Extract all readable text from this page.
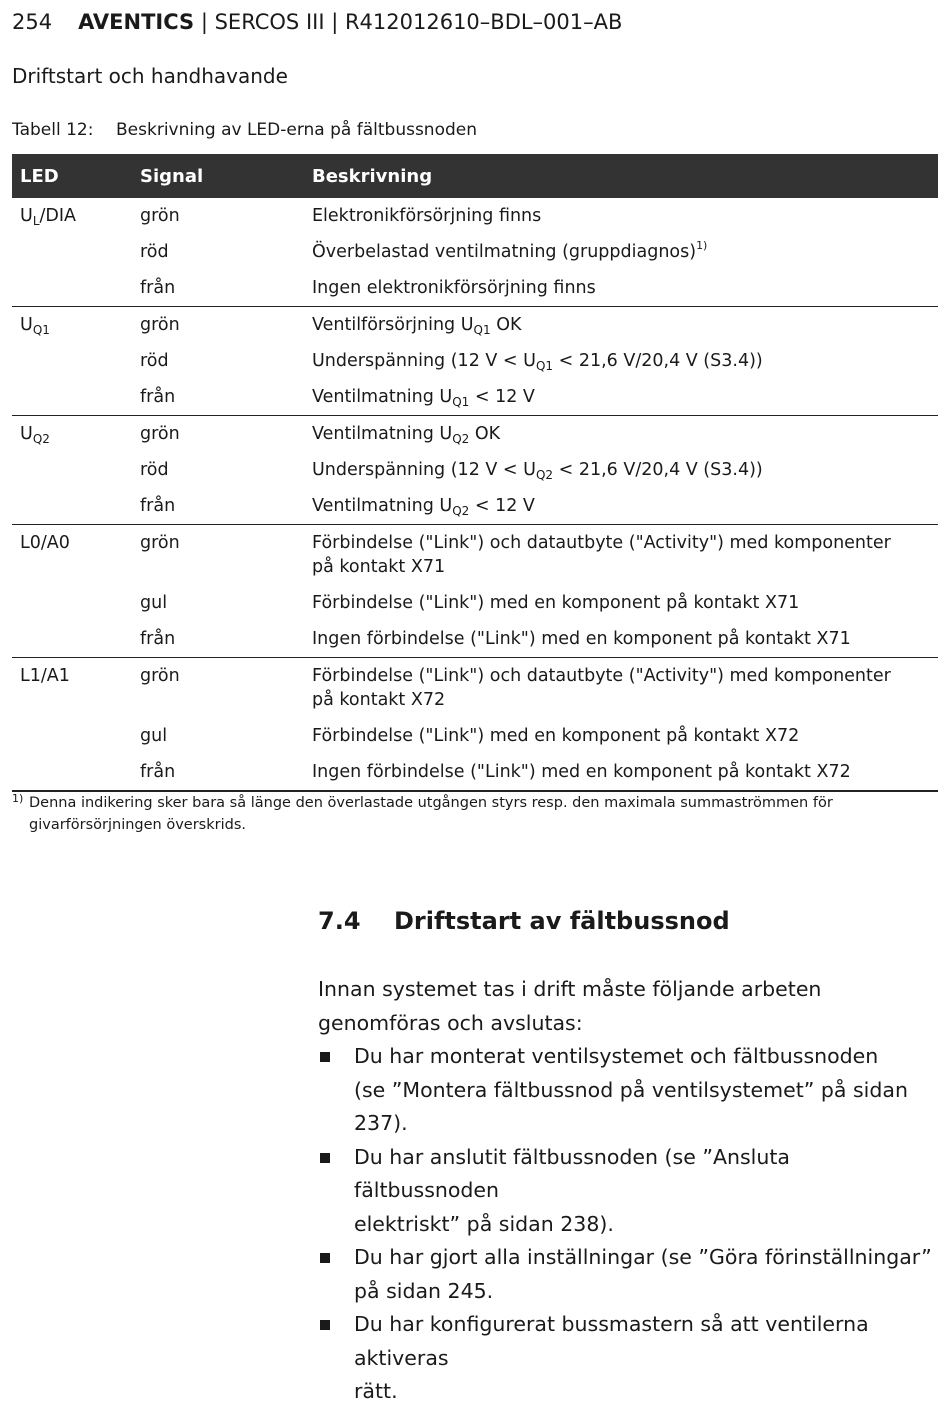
254 AVENTICS | SERCOS III | R412012610–BDL–001–AB
Driftstart och handhavande
Tabell 12: Beskrivning av LED-erna på fältbussnoden
LED	Signal	Beskrivning
$U_L$/DIA	grön	Elektronikförsörjning finns
	röd	Överbelastad ventilmatning (gruppdiagnos)$^{1)}$
	från	Ingen elektronikförsörjning finns
$U_{Q1}$	grön	Ventilförsörjning $U_{Q1}$ OK
	röd	Underspänning (12 $V < U_{Q1} < 21,6$ V/20,4 V (S3.4))
	från	Ventilmatning $U_{Q1} < 12$ V
$U_{Q2}$	grön	Ventilmatning $U_{Q2}$ OK
	röd	Underspänning (12 $V < U_{Q2} < 21,6$ V/20,4 V (S3.4))
	från	Ventilmatning $U_{Q2} < 12$ V
L0/A0	grön	Förbindelse ("Link") och datautbyte ("Activity") med komponenter
på kontakt X71
	gul	Förbindelse ("Link") med en komponent på kontakt X71
	från	Ingen förbindelse ("Link") med en komponent på kontakt X71
L1/A1	grön	Förbindelse ("Link") och datautbyte ("Activity") med komponenter
på kontakt X72
	gul	Förbindelse ("Link") med en komponent på kontakt X72
	från	Ingen förbindelse ("Link") med en komponent på kontakt X72
1) Denna indikering sker bara så länge den överlastade utgången styrs resp. den maximala summaströmmen för givarförsörjningen överskrids.
7.4 Driftstart av fältbussnod

Innan systemet tas i drift måste följande arbeten genomföras och avslutas:

Du har monterat ventilsystemet och fältbussnoden
(se ”Montera fältbussnod på ventilsystemet” på sidan 237).
Du har anslutit fältbussnoden (se ”Ansluta fältbussnoden
elektriskt” på sidan 238).
Du har gjort alla inställningar (se ”Göra förinställningar”
på sidan 245.
Du har konfigurerat bussmastern så att ventilerna aktiveras
rätt.
